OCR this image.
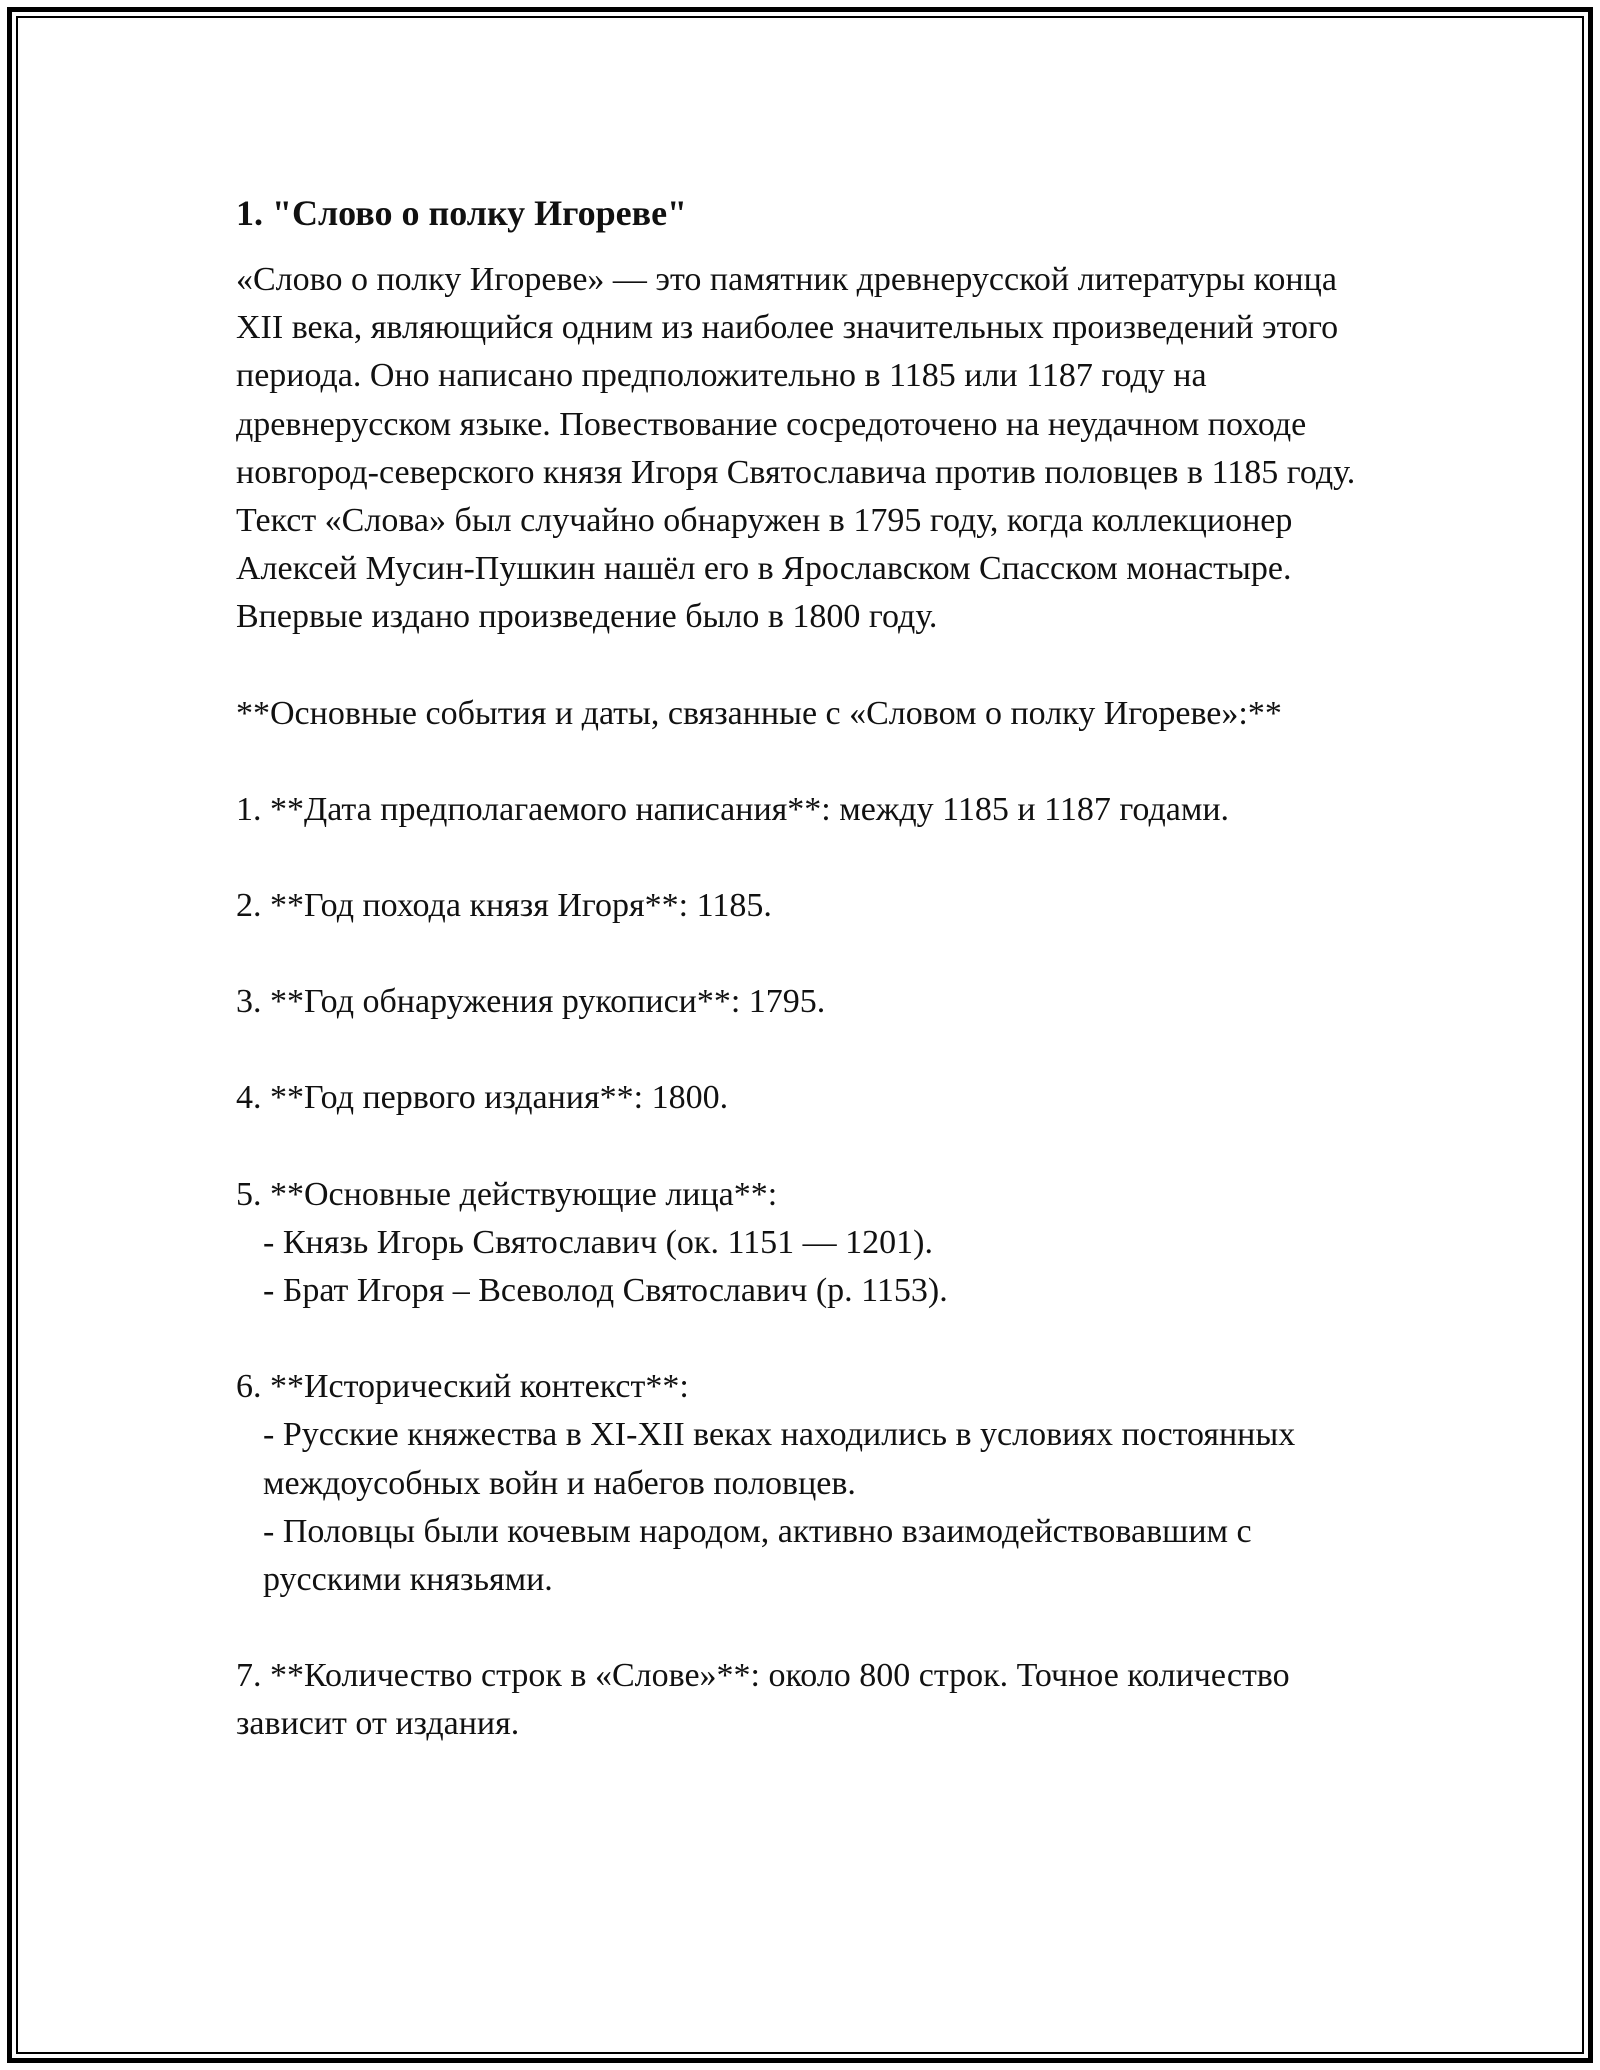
1. "Слово о полку Игореве"

«Слово о полку Игореве» — это памятник древнерусской литературы конца XII века, являющийся одним из наиболее значительных произведений этого периода. Оно написано предположительно в 1185 или 1187 году на древнерусском языке. Повествование сосредоточено на неудачном походе новгород-северского князя Игоря Святославича против половцев в 1185 году. Текст «Слова» был случайно обнаружен в 1795 году, когда коллекционер Алексей Мусин-Пушкин нашёл его в Ярославском Спасском монастыре. Впервые издано произведение было в 1800 году.

**Основные события и даты, связанные с «Словом о полку Игореве»:**

1. **Дата предполагаемого написания**: между 1185 и 1187 годами.

2. **Год похода князя Игоря**: 1185.

3. **Год обнаружения рукописи**: 1795.

4. **Год первого издания**: 1800.

5. **Основные действующие лица**:
- Князь Игорь Святославич (ок. 1151 — 1201).
- Брат Игоря – Всеволод Святославич (р. 1153).

6. **Исторический контекст**:
- Русские княжества в XI-XII веках находились в условиях постоянных междоусобных войн и набегов половцев.
- Половцы были кочевым народом, активно взаимодействовавшим с русскими князьями.

7. **Количество строк в «Слове»**: около 800 строк. Точное количество зависит от издания.
